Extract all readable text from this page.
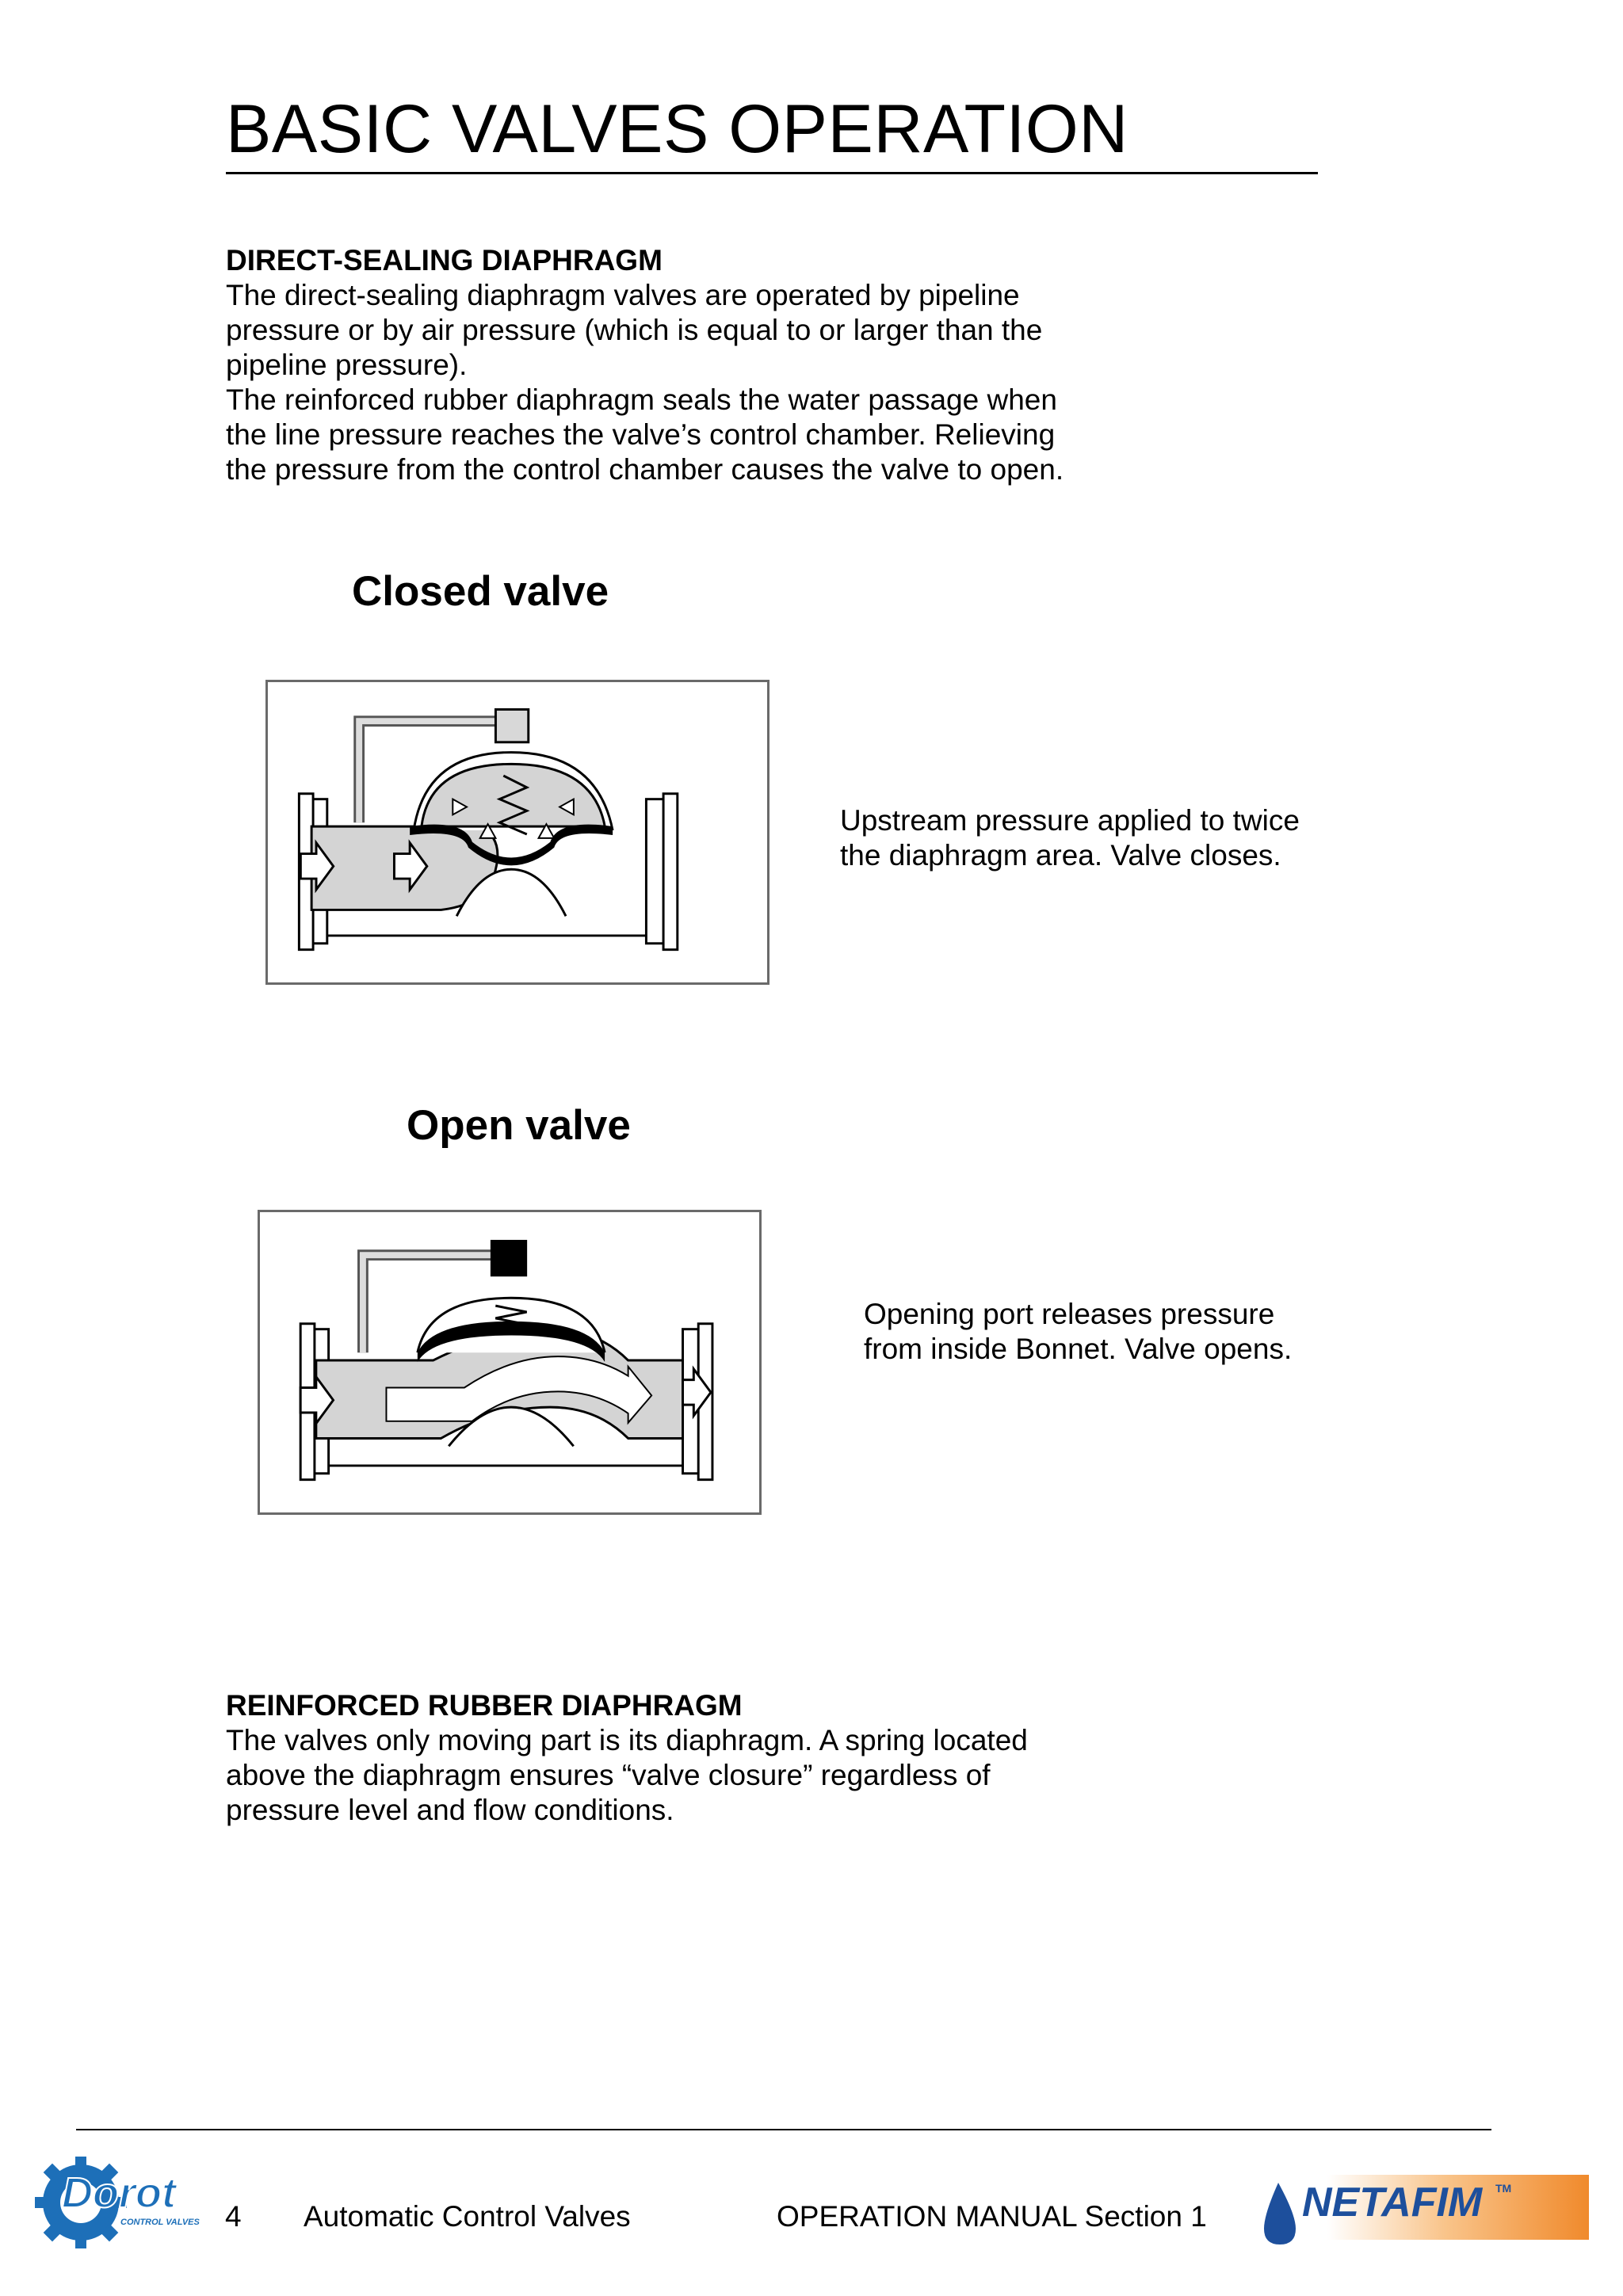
BASIC VALVES OPERATION
DIRECT-SEALING DIAPHRAGM
The direct-sealing diaphragm valves are operated by pipeline
pressure or by air pressure (which is equal to or larger than the
pipeline pressure).
The reinforced rubber diaphragm seals the water passage when
the line pressure reaches the valve’s control chamber. Relieving
the pressure from the control chamber causes the valve to open.
Closed valve
Upstream pressure applied to twice
the diaphragm area. Valve closes.
Open valve
Opening port releases pressure
from inside Bonnet. Valve opens.
REINFORCED RUBBER DIAPHRAGM
The valves only moving part is its diaphragm. A spring located
above the diaphragm ensures “valve closure” regardless of
pressure level and flow conditions.
Dorot
CONTROL VALVES 4 Automatic Control Valves	OPERATION MANUAL Section 1 NETAFIM TM
